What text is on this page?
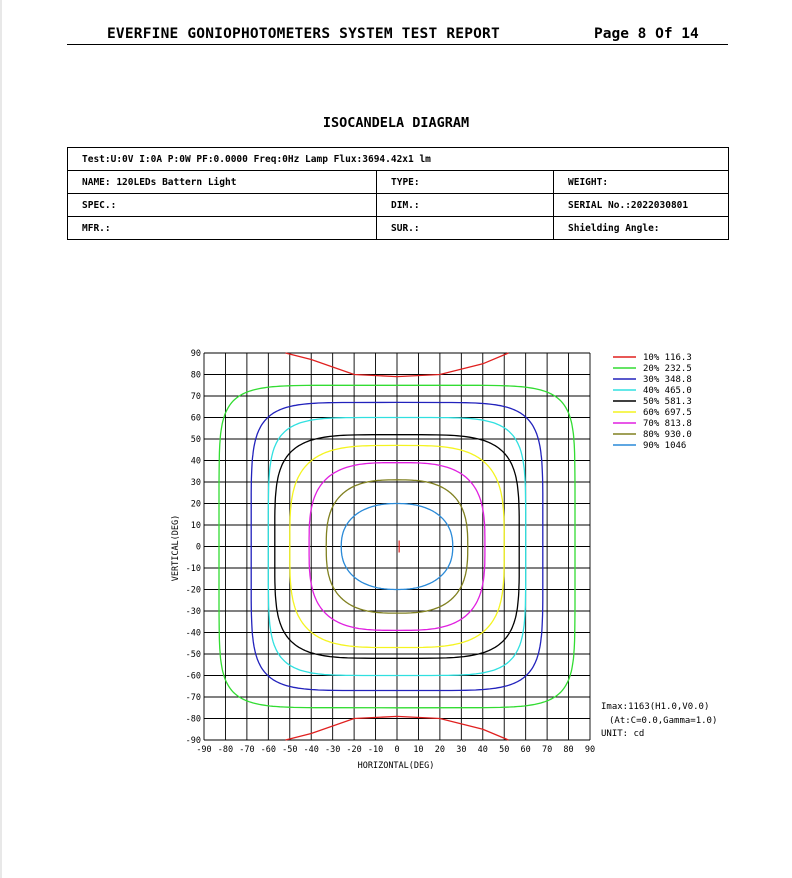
EVERFINE GONIOPHOTOMETERS SYSTEM TEST REPORT	Page 8 Of 14
ISOCANDELA DIAGRAM
Test:U:0V I:0A P:0W PF:0.0000 Freq:0Hz Lamp Flux:3694.42x1 lm		
NAME: 120LEDs Battern Light	TYPE:	WEIGHT:
SPEC.:	DIM.:	SERIAL No.:2022030801
MFR.:	SUR.:	Shielding Angle:
-90 -80 -70 -60 -50 -40 -30 -20 -10 0 10 20 30 40 50 60 70 80 90
90
80
70
60
50
40
30
20
10
0
-10
-20
-30
-40
-50
-60
-70
-80
-90
10% 116.3
20% 232.5
30% 348.8
40% 465.0
50% 581.3
60% 697.5
70% 813.8
80% 930.0
90% 1046
HORIZONTAL(DEG)
VERTICAL(DEG)
Imax:1163(H1.0,V0.0)
(At:C=0.0,Gamma=1.0)
UNIT: cd
